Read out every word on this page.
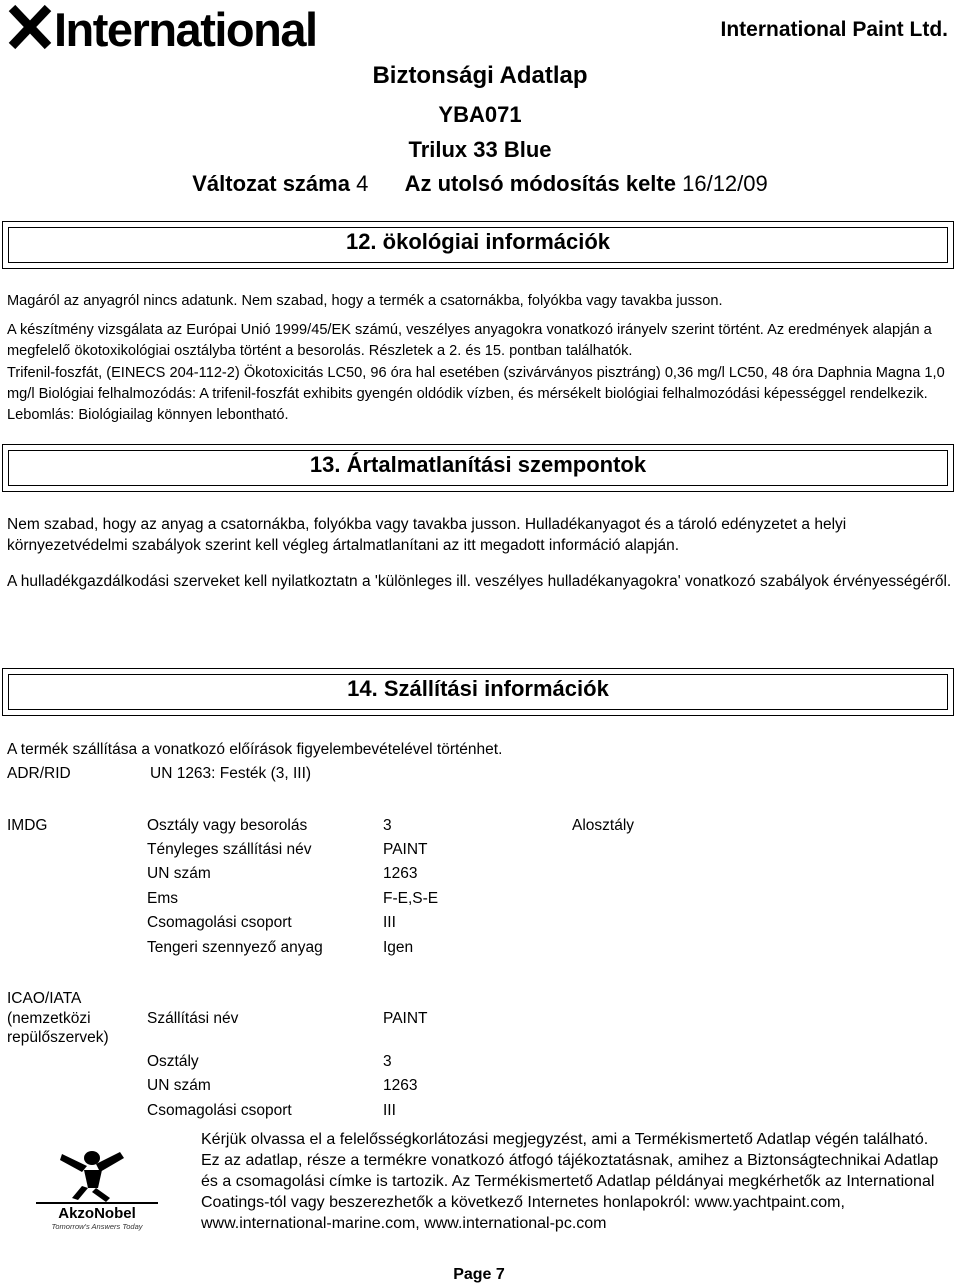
International	International Paint Ltd.
Biztonsági Adatlap
YBA071
Trilux 33 Blue
Változat száma 4 Az utolsó módosítás kelte 16/12/09
12. ökológiai információk
Magáról az anyagról nincs adatunk. Nem szabad, hogy a termék a csatornákba, folyókba vagy tavakba jusson.
A készítmény vizsgálata az Európai Unió 1999/45/EK számú, veszélyes anyagokra vonatkozó irányelv szerint történt. Az eredmények alapján a megfelelő ökotoxikológiai osztályba történt a besorolás. Részletek a 2. és 15. pontban találhatók.
Trifenil-foszfát, (EINECS 204-112-2) Ökotoxicitás LC50, 96 óra hal esetében (szivárványos pisztráng) 0,36 mg/l LC50, 48 óra Daphnia Magna 1,0 mg/l Biológiai felhalmozódás: A trifenil-foszfát exhibits gyengén oldódik vízben, és mérsékelt biológiai felhalmozódási képességgel rendelkezik. Lebomlás: Biológiailag könnyen lebontható.
13. Ártalmatlanítási szempontok
Nem szabad, hogy az anyag a csatornákba, folyókba vagy tavakba jusson. Hulladékanyagot és a tároló edényzetet a helyi környezetvédelmi szabályok szerint kell végleg ártalmatlanítani az itt megadott információ alapján.
A hulladékgazdálkodási szerveket kell nyilatkoztatn a 'különleges ill. veszélyes hulladékanyagokra' vonatkozó szabályok érvényességéről.
14. Szállítási információk
A termék szállítása a vonatkozó előírások figyelembevételével történhet.
ADR/RID	UN 1263: Festék (3, III)
IMDG	Osztály vagy besorolás	3	Alosztály
Tényleges szállítási név	PAINT
UN szám	1263
Ems	F-E,S-E
Csomagolási csoport	III
Tengeri szennyező anyag	Igen
ICAO/IATA
(nemzetközi
repülőszervek)
Szállítási név	PAINT
Osztály	3
UN szám	1263
Csomagolási csoport	III
AkzoNobel
Tomorrow's Answers Today
Kérjük olvassa el a felelősségkorlátozási megjegyzést, ami a Termékismertető Adatlap végén található. Ez az adatlap, része a termékre vonatkozó átfogó tájékoztatásnak, amihez a Biztonságtechnikai Adatlap és a csomagolási címke is tartozik. Az Termékismertető Adatlap példányai megkérhetők az International Coatings-tól vagy beszerezhetők a következő Internetes honlapokról: www.yachtpaint.com, www.international-marine.com, www.international-pc.com
Page 7
